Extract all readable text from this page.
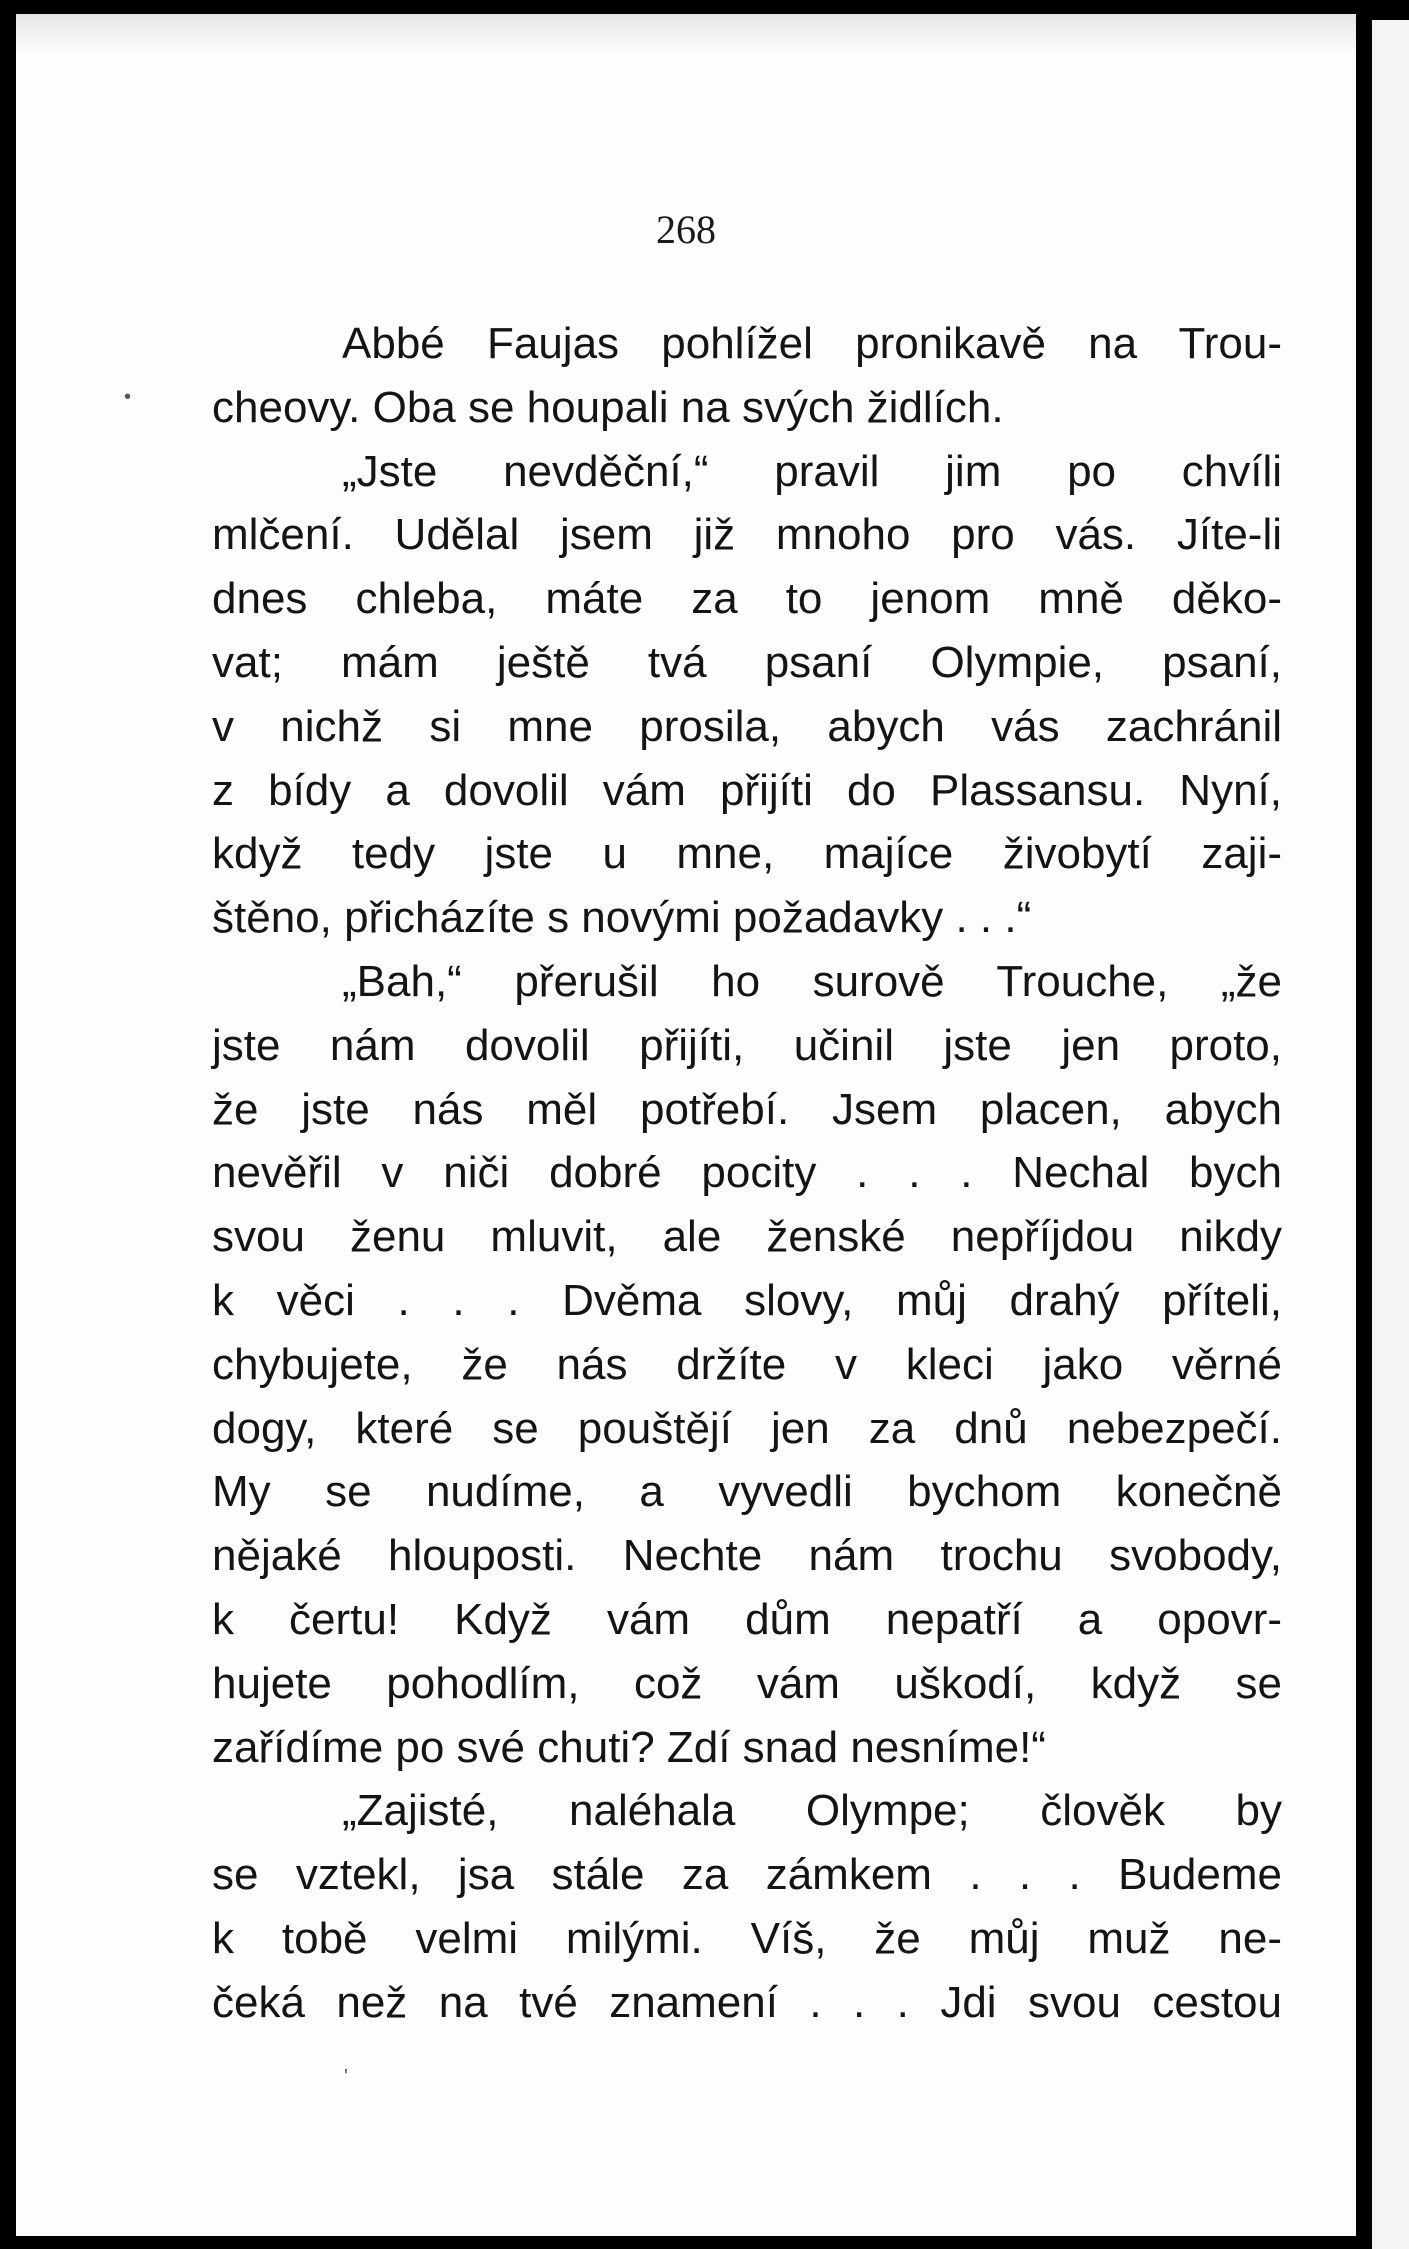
268

•
'
Abbé Faujas pohlížel pronikavě na Trou-
cheovy. Oba se houpali na svých židlích.
„Jste nevděční,“ pravil jim po chvíli
mlčení. Udělal jsem již mnoho pro vás. Jíte-li
dnes chleba, máte za to jenom mně děko-
vat; mám ještě tvá psaní Olympie, psaní,
v nichž si mne prosila, abych vás zachránil
z bídy a dovolil vám přijíti do Plassansu. Nyní,
když tedy jste u mne, majíce živobytí zaji-
štěno, přicházíte s novými požadavky . . .“
„Bah,“ přerušil ho surově Trouche, „že
jste nám dovolil přijíti, učinil jste jen proto,
že jste nás měl potřebí. Jsem placen, abych
nevěřil v niči dobré pocity . . . Nechal bych
svou ženu mluvit, ale ženské nepříjdou nikdy
k věci . . . Dvěma slovy, můj drahý příteli,
chybujete, že nás držíte v kleci jako věrné
dogy, které se pouštějí jen za dnů nebezpečí.
My se nudíme, a vyvedli bychom konečně
nějaké hlouposti. Nechte nám trochu svobody,
k čertu! Když vám dům nepatří a opovr-
hujete pohodlím, což vám uškodí, když se
zařídíme po své chuti? Zdí snad nesníme!“
„Zajisté, naléhala Olympe; člověk by
se vztekl, jsa stále za zámkem . . . Budeme
k tobě velmi milými. Víš, že můj muž ne-
čeká než na tvé znamení . . . Jdi svou cestou
